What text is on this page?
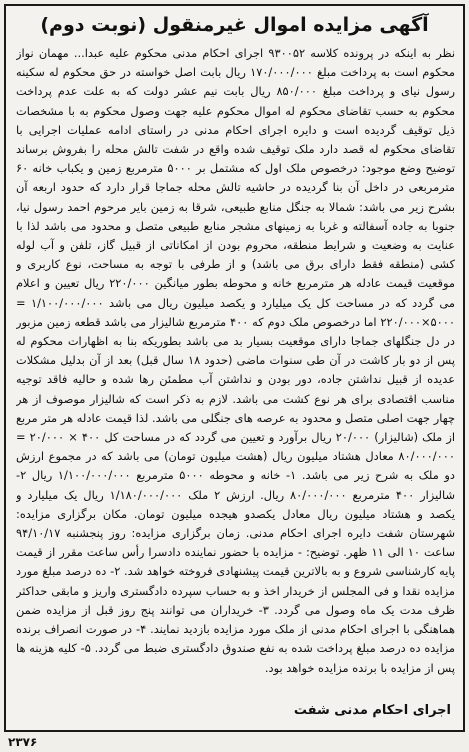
آگهی مزایده اموال غیرمنقول (نوبت دوم)

نظر به اینکه در پرونده کلاسه ۹۳۰۰۵۲ اجرای احکام مدنی محکوم علیه عبدا... مهمان نواز محکوم است به پرداخت مبلغ ۱۷۰/۰۰۰/۰۰۰ ریال بابت اصل خواسته در حق محکوم له سکینه رسول نیای و پرداخت مبلغ ۸۵۰/۰۰۰ ریال بابت نیم عشر دولت که به علت عدم پرداخت محکوم به حسب تقاضای محکوم له اموال محکوم علیه جهت وصول محکوم به با مشخصات ذیل توقیف گردیده است و دایره اجرای احکام مدنی در راستای ادامه عملیات اجرایی با تقاضای محکوم له قصد دارد ملک توقیف شده واقع در شفت تالش محله را بفروش برساند توضیح وضع موجود: درخصوص ملک اول که مشتمل بر ۵۰۰۰ مترمربع زمین و یکباب خانه ۶۰ مترمربعی در داخل آن بنا گردیده در حاشیه تالش محله جماجا قرار دارد که حدود اربعه آن بشرح زیر می باشد: شمالا به جنگل منابع طبیعی، شرقا به زمین بایر مرحوم احمد رسول نیا، جنوبا به جاده آسفالته و غربا به زمینهای مشجر منابع طبیعی متصل و محدود می باشد لذا با عنایت به وضعیت و شرایط منطقه، محروم بودن از امکاناتی از قبیل گاز، تلفن و آب لوله کشی (منطقه فقط دارای برق می باشد) و از طرفی با توجه به مساحت، نوع کاربری و موقعیت قیمت عادله هر مترمربع خانه و محوطه بطور میانگین ۲۲۰/۰۰۰ ریال تعیین و اعلام می گردد که در مساحت کل یک میلیارد و یکصد میلیون ریال می باشد ۱/۱۰۰/۰۰۰/۰۰۰ = ۵۰۰۰×۲۲۰/۰۰۰ اما درخصوص ملک دوم که ۴۰۰ مترمربع شالیزار می باشد قطعه زمین مزبور در دل جنگلهای جماجا دارای موقعیت بسیار بد می باشد بطوریکه بنا به اظهارات محکوم له پس از دو بار کاشت در آن طی سنوات ماضی (حدود ۱۸ سال قبل) بعد از آن بدلیل مشکلات عدیده از قبیل نداشتن جاده، دور بودن و نداشتن آب مطمئن رها شده و حالیه فاقد توجیه مناسب اقتصادی برای هر نوع کشت می باشد. لازم به ذکر است که شالیزار موصوف از هر چهار جهت اصلی متصل و محدود به عرصه های جنگلی می باشد. لذا قیمت عادله هر متر مربع از ملک (شالیزار) ۲۰/۰۰۰ ریال برآورد و تعیین می گردد که در مساحت کل ۴۰۰ × ۲۰/۰۰۰ = ۸۰/۰۰۰/۰۰۰ معادل هشتاد میلیون ریال (هشت میلیون تومان) می باشد که در مجموع ارزش دو ملک به شرح زیر می باشد. ۱- خانه و محوطه ۵۰۰۰ مترمربع ۱/۱۰۰/۰۰۰/۰۰۰ ریال ۲- شالیزار ۴۰۰ مترمربع ۸۰/۰۰۰/۰۰۰ ریال. ارزش ۲ ملک ۱/۱۸۰/۰۰۰/۰۰۰ ریال یک میلیارد و یکصد و هشتاد میلیون ریال معادل یکصدو هیجده میلیون تومان. مکان برگزاری مزایده: شهرستان شفت دایره اجرای احکام مدنی. زمان برگزاری مزایده: روز پنجشنبه ۹۴/۱۰/۱۷ ساعت ۱۰ الی ۱۱ ظهر. توضیح: - مزایده با حضور نماینده دادسرا رأس ساعت مقرر از قیمت پایه کارشناسی شروع و به بالاترین قیمت پیشنهادی فروخته خواهد شد. ۲- ده درصد مبلغ مورد مزایده نقدا و فی المجلس از خریدار اخذ و به حساب سپرده دادگستری واریز و مابقی حداکثر ظرف مدت یک ماه وصول می گردد. ۳- خریداران می توانند پنج روز قبل از مزایده ضمن هماهنگی با اجرای احکام مدنی از ملک مورد مزایده بازدید نمایند. ۴- در صورت انصراف برنده مزایده ده درصد مبلغ پرداخت شده به نفع صندوق دادگستری ضبط می گردد. ۵- کلیه هزینه ها پس از مزایده با برنده مزایده خواهد بود.

اجرای احکام مدنی شفت
۲۳۷۶
